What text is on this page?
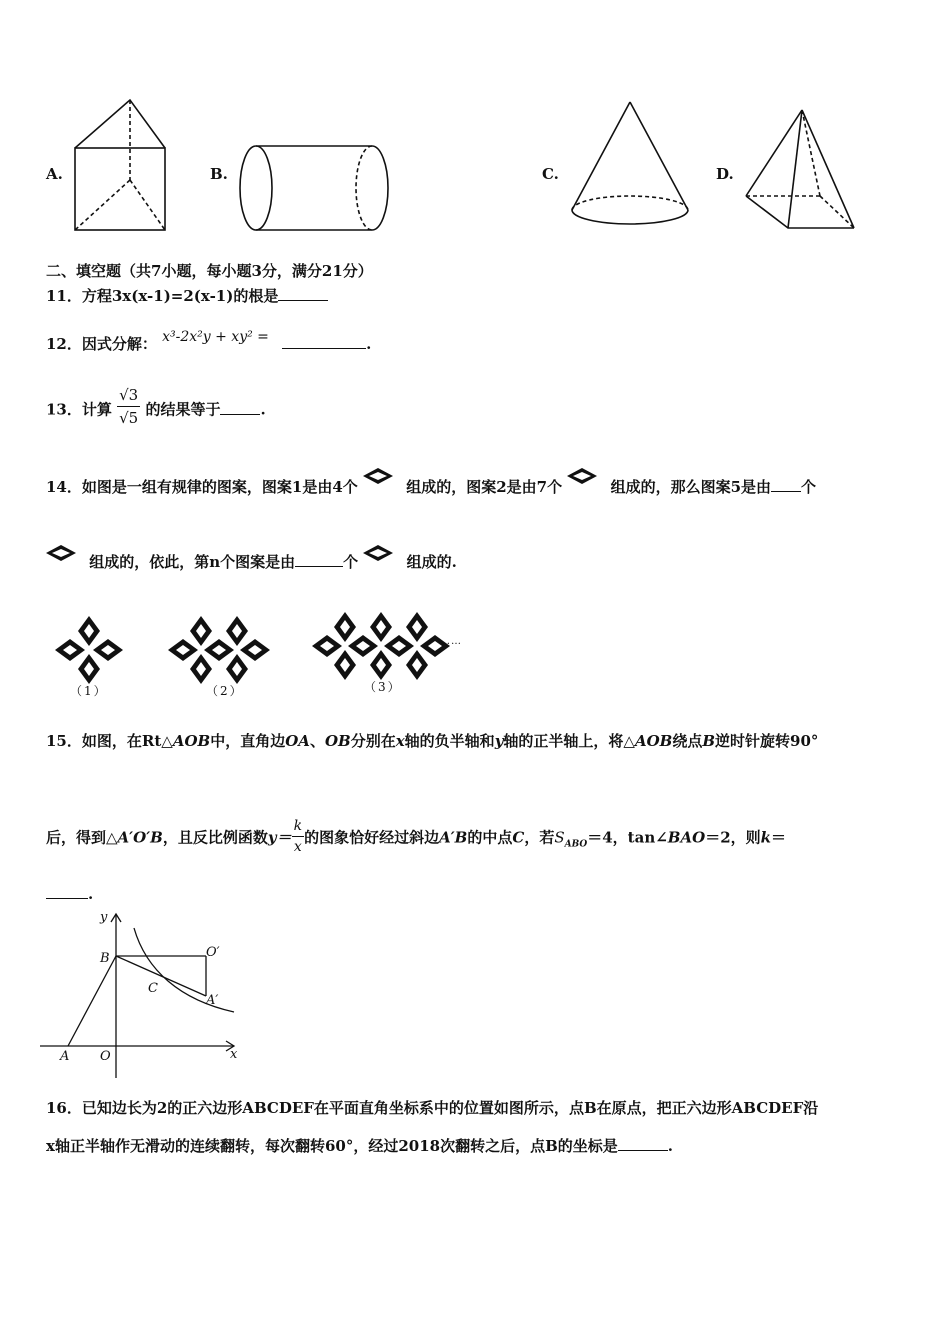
A.	B.	C.	D.
二、填空题（共7小题，每小题3分，满分21分）
11．方程3x(x-1)=2(x-1)的根是
12．因式分解： x³-2x²y + xy² =	.
13．计算 $\frac{√3}{√5}$ 的结果等于	.
14．如图是一组有规律的图案，图案1是由4个	组成的，图案2是由7个	组成的，那么图案5是由 个
组成的，依此，第n个图案是由	个	组成的.
（1）	（2）
……
（3）
15．如图，在Rt△AOB中，直角边OA、OB分别在x轴的负半轴和y轴的正半轴上，将△AOB绕点B逆时针旋转90°
后，得到△A′O′B，且反比例函数$y= \frac{k}{x}$ 的图象恰好经过斜边A′B的中点C，若$S_{ABO}=4$，tan∠BAO＝2，则k＝
.
y
x
B	O′
C
A′
A O
16．已知边长为2的正六边形ABCDEF在平面直角坐标系中的位置如图所示，点B在原点，把正六边形ABCDEF沿
x轴正半轴作无滑动的连续翻转，每次翻转60°，经过2018次翻转之后，点B的坐标是	.
